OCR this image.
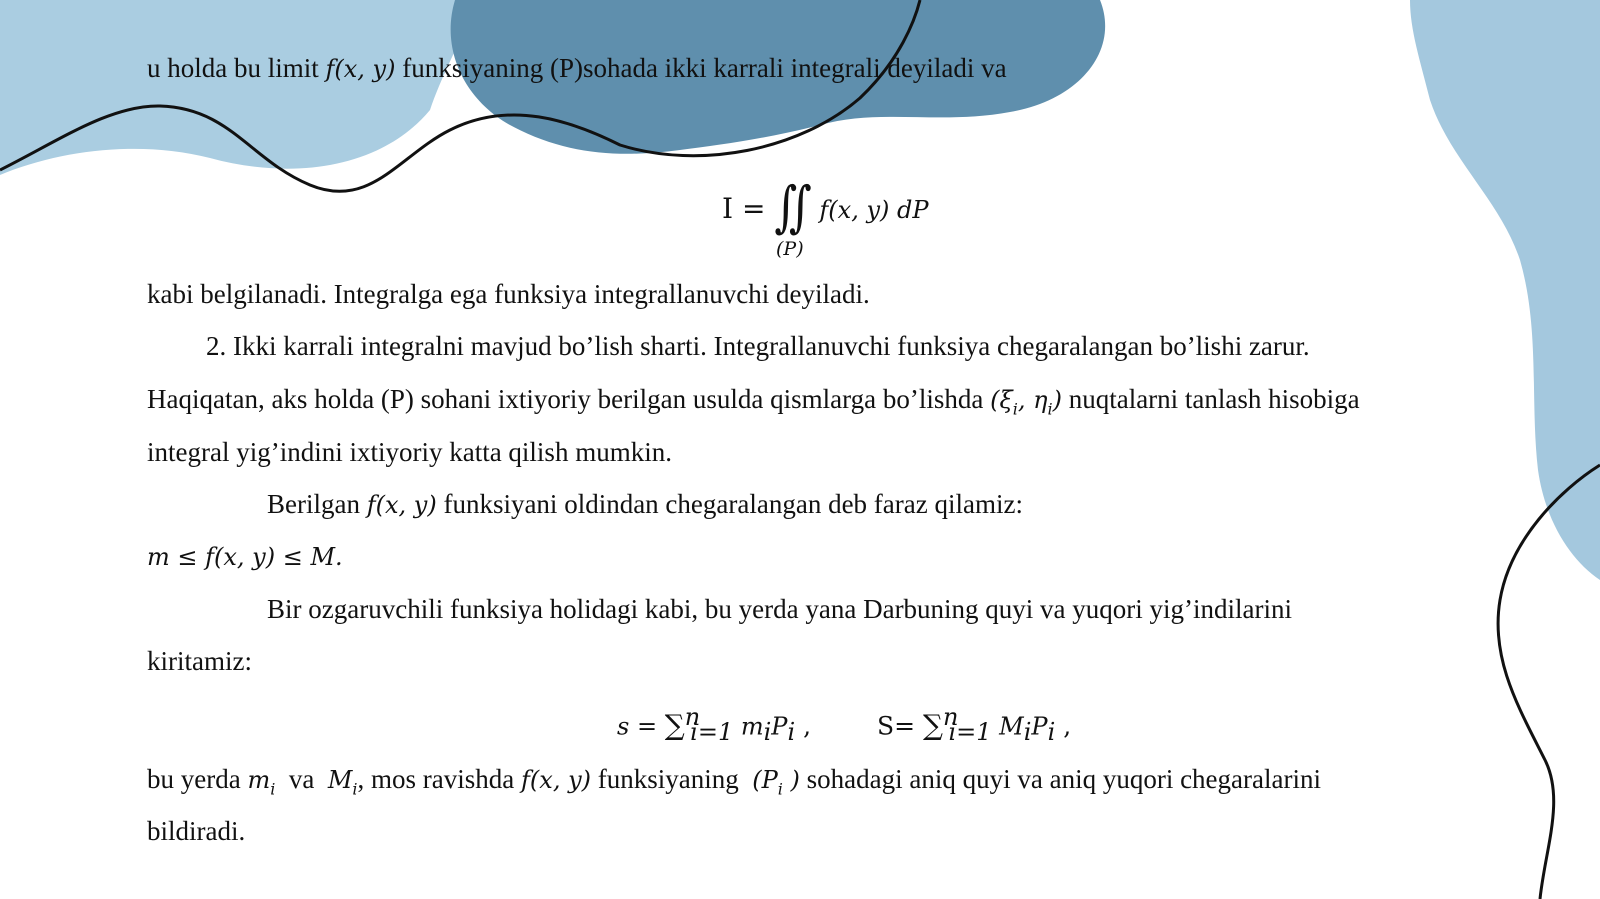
u holda bu limit f(x, y) funksiyaning (P)sohada ikki karrali integrali deyiladi va
I = ∬ f(x, y) dP
(P)
kabi belgilanadi. Integralga ega funksiya integrallanuvchi deyiladi.
2. Ikki karrali integralni mavjud bo’lish sharti. Integrallanuvchi funksiya chegaralangan bo’lishi zarur.
Haqiqatan, aks holda (P) sohani ixtiyoriy berilgan usulda qismlarga bo’lishda ($\xi_i$, $\eta_i$) nuqtalarni tanlash hisobiga
integral yig’indini ixtiyoriy katta qilish mumkin.
Berilgan f(x, y) funksiyani oldindan chegaralangan deb faraz qilamiz:
m ≤ f(x, y) ≤ M.
Bir ozgaruvchili funksiya holidagi kabi, bu yerda yana Darbuning quyi va yuqori yig’indilarini
kiritamiz:
s = ∑$^n_{i=1}$ $m_iP_i$ ,	S= ∑$^n_{i=1}$ $M_iP_i$ ,
bu yerda $m_i$  va  $M_i$, mos ravishda f(x, y) funksiyaning  ($P_i$ ) sohadagi aniq quyi va aniq yuqori chegaralarini
bildiradi.
